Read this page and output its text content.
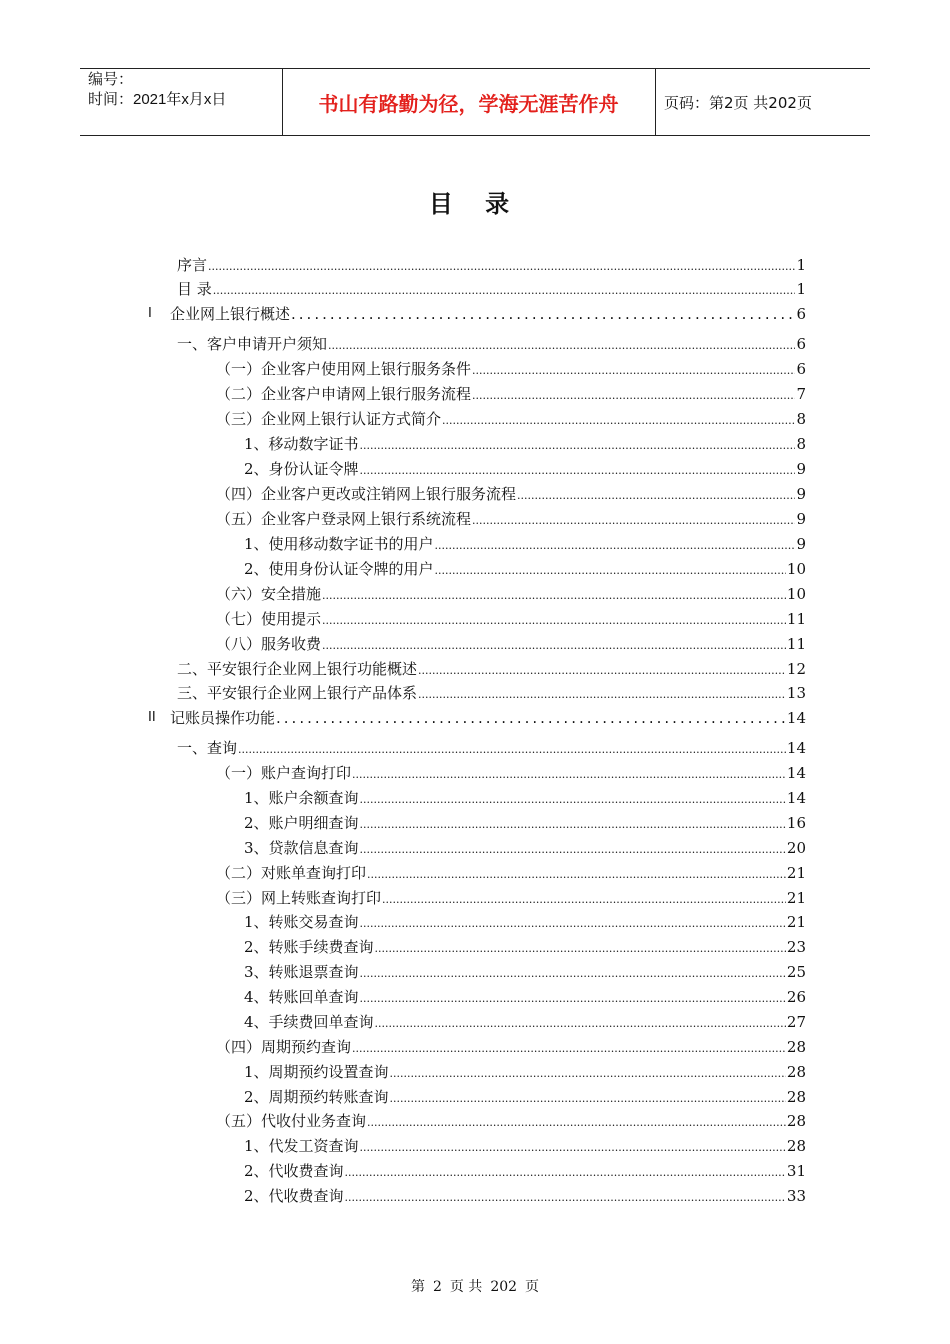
编号：
时间：2021年x月x日	书山有路勤为径，学海无涯苦作舟	页码：第2页 共202页
目 录
序言 .....	1
目 录 .....	1
企业网上银行概述 .....	6
I
一、客户申请开户须知 .....	6
（一）企业客户使用网上银行服务条件 .....	6
（二）企业客户申请网上银行服务流程 .....	7
（三）企业网上银行认证方式简介 .....	8
1、移动数字证书 .....	8
2、身份认证令牌 .....	9
（四）企业客户更改或注销网上银行服务流程 .....	9
（五）企业客户登录网上银行系统流程 .....	9
1、使用移动数字证书的用户 .....	9
2、使用身份认证令牌的用户 .....	10
（六）安全措施 .....	10
（七）使用提示 .....	11
（八）服务收费 .....	11
二、平安银行企业网上银行功能概述 .....	12
三、平安银行企业网上银行产品体系 .....	13
记账员操作功能 .....	14
II
一、查询 .....	14
（一）账户查询打印 .....	14
1、账户余额查询 .....	14
2、账户明细查询 .....	16
3、贷款信息查询 .....	20
（二）对账单查询打印 .....	21
（三）网上转账查询打印 .....	21
1、转账交易查询 .....	21
2、转账手续费查询 .....	23
3、转账退票查询 .....	25
4、转账回单查询 .....	26
4、手续费回单查询 .....	27
（四）周期预约查询 .....	28
1、周期预约设置查询 .....	28
2、周期预约转账查询 .....	28
（五）代收付业务查询 .....	28
1、代发工资查询 .....	28
2、代收费查询 .....	31
2、代收费查询 .....	33
第 2 页 共 202 页
